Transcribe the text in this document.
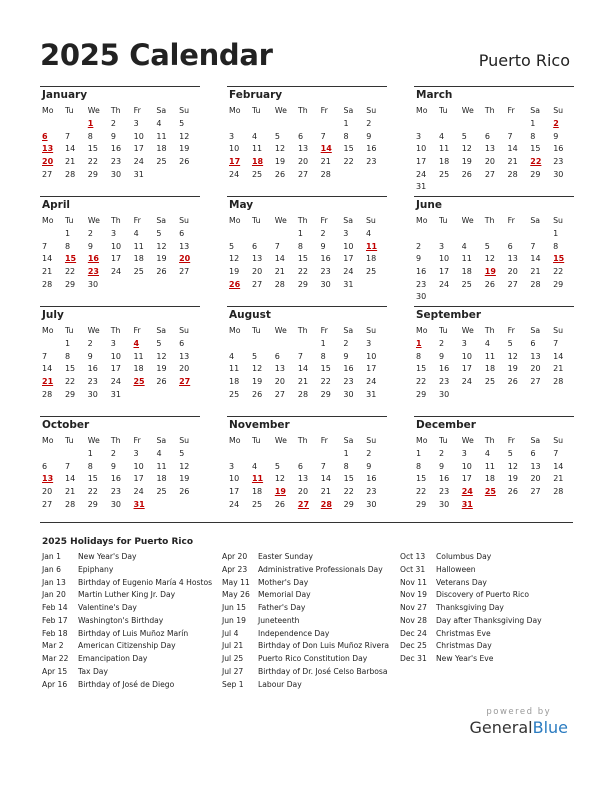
2025 Calendar	Puerto Rico
January
Mo	Tu	We	Th	Fr	Sa	Su
		1	2	3	4	5
6	7	8	9	10	11	12
13	14	15	16	17	18	19
20	21	22	23	24	25	26
27	28	29	30	31		
February
Mo	Tu	We	Th	Fr	Sa	Su
					1	2
3	4	5	6	7	8	9
10	11	12	13	14	15	16
17	18	19	20	21	22	23
24	25	26	27	28		
March
Mo	Tu	We	Th	Fr	Sa	Su
					1	2
3	4	5	6	7	8	9
10	11	12	13	14	15	16
17	18	19	20	21	22	23
24	25	26	27	28	29	30
31						
April
Mo	Tu	We	Th	Fr	Sa	Su
	1	2	3	4	5	6
7	8	9	10	11	12	13
14	15	16	17	18	19	20
21	22	23	24	25	26	27
28	29	30				
May
Mo	Tu	We	Th	Fr	Sa	Su
			1	2	3	4
5	6	7	8	9	10	11
12	13	14	15	16	17	18
19	20	21	22	23	24	25
26	27	28	29	30	31	
June
Mo	Tu	We	Th	Fr	Sa	Su
						1
2	3	4	5	6	7	8
9	10	11	12	13	14	15
16	17	18	19	20	21	22
23	24	25	26	27	28	29
30						
July
Mo	Tu	We	Th	Fr	Sa	Su
	1	2	3	4	5	6
7	8	9	10	11	12	13
14	15	16	17	18	19	20
21	22	23	24	25	26	27
28	29	30	31			
August
Mo	Tu	We	Th	Fr	Sa	Su
				1	2	3
4	5	6	7	8	9	10
11	12	13	14	15	16	17
18	19	20	21	22	23	24
25	26	27	28	29	30	31
September
Mo	Tu	We	Th	Fr	Sa	Su
1	2	3	4	5	6	7
8	9	10	11	12	13	14
15	16	17	18	19	20	21
22	23	24	25	26	27	28
29	30					
October
Mo	Tu	We	Th	Fr	Sa	Su
		1	2	3	4	5
6	7	8	9	10	11	12
13	14	15	16	17	18	19
20	21	22	23	24	25	26
27	28	29	30	31		
November
Mo	Tu	We	Th	Fr	Sa	Su
					1	2
3	4	5	6	7	8	9
10	11	12	13	14	15	16
17	18	19	20	21	22	23
24	25	26	27	28	29	30
December
Mo	Tu	We	Th	Fr	Sa	Su
1	2	3	4	5	6	7
8	9	10	11	12	13	14
15	16	17	18	19	20	21
22	23	24	25	26	27	28
29	30	31				
2025 Holidays for Puerto Rico
Jan 1 New Year's Day
Jan 6 Epiphany
Jan 13 Birthday of Eugenio María 4 Hostos
Jan 20 Martin Luther King Jr. Day
Feb 14 Valentine's Day
Feb 17 Washington's Birthday
Feb 18 Birthday of Luis Muñoz Marín
Mar 2 American Citizenship Day
Mar 22 Emancipation Day
Apr 15 Tax Day
Apr 16 Birthday of José de Diego
Apr 20 Easter Sunday
Apr 23 Administrative Professionals Day
May 11 Mother's Day
May 26 Memorial Day
Jun 15 Father's Day
Jun 19 Juneteenth
Jul 4	Independence Day
Jul 21 Birthday of Don Luis Muñoz Rivera
Jul 25 Puerto Rico Constitution Day
Jul 27 Birthday of Dr. José Celso Barbosa
Sep 1 Labour Day
Oct 13 Columbus Day
Oct 31 Halloween
Nov 11 Veterans Day
Nov 19 Discovery of Puerto Rico
Nov 27 Thanksgiving Day
Nov 28 Day after Thanksgiving Day
Dec 24 Christmas Eve
Dec 25 Christmas Day
Dec 31 New Year's Eve
powered by
GeneralBlue
